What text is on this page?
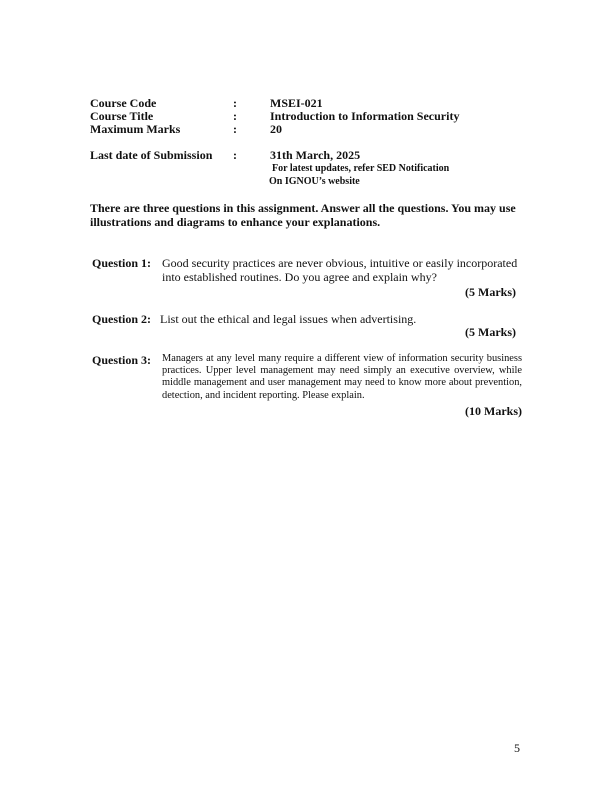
Course Code	:	MSEI-021
Course Title	:	Introduction to Information Security
Maximum Marks	:	20
Last date of Submission :	31th March, 2025
For latest updates, refer SED Notification
On IGNOU’s website
There are three questions in this assignment. Answer all the questions. You may use illustrations and diagrams to enhance your explanations.
Question 1: Good security practices are never obvious, intuitive or easily incorporated into established routines. Do you agree and explain why?
(5 Marks)
Question 2: List out the ethical and legal issues when advertising.
(5 Marks)
Question 3: Managers at any level many require a different view of information security business practices. Upper level management may need simply an executive overview, while middle management and user management may need to know more about prevention, detection, and incident reporting. Please explain.
(10 Marks)
5
